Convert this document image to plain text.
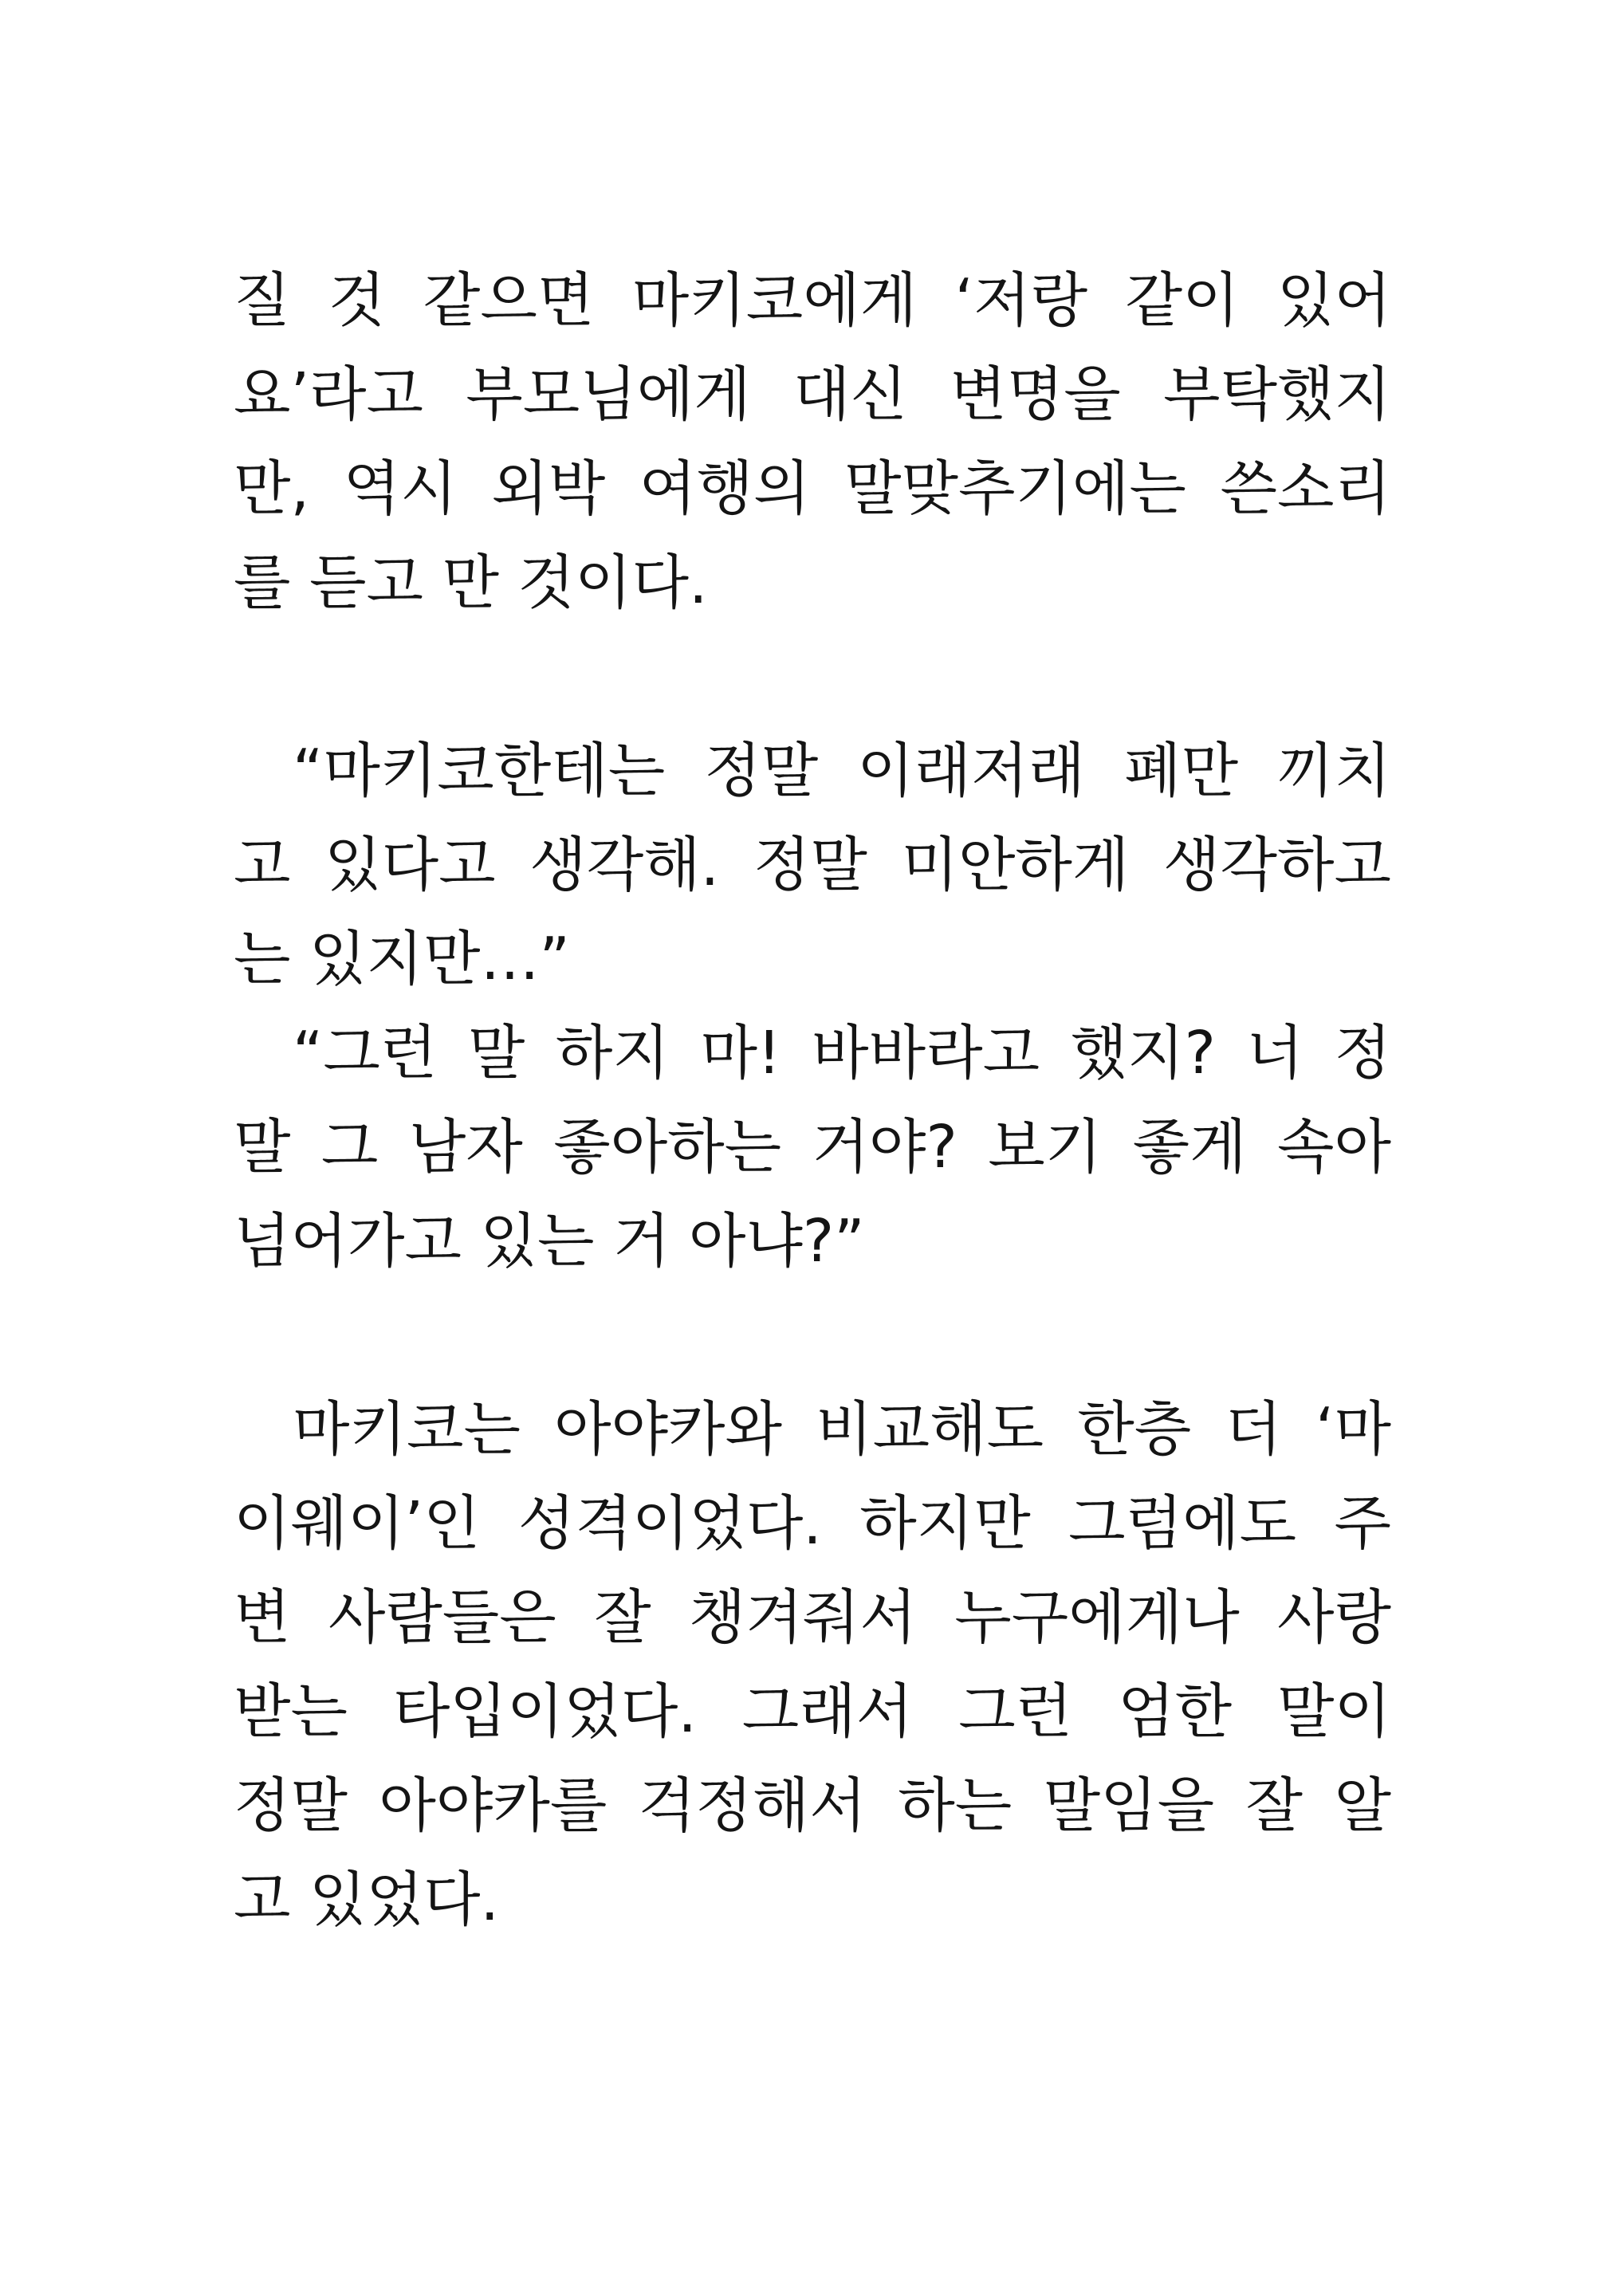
질 것 같으면 마키코에게 ‘저랑 같이 있어
요’라고 부모님에게 대신 변명을 부탁했지
만, 역시 외박 여행의 말맞추기에는 쓴소리
를 듣고 만 것이다.
“마키코한테는 정말 이래저래 폐만 끼치
고 있다고 생각해. 정말 미안하게 생각하고
는 있지만…”
“그런 말 하지 마! 바바라고 했지? 너 정
말 그 남자 좋아하는 거야? 보기 좋게 속아
넘어가고 있는 거 아냐?”
마키코는 아야카와 비교해도 한층 더 ‘마
이웨이’인 성격이었다. 하지만 그럼에도 주
변 사람들은 잘 챙겨줘서 누구에게나 사랑
받는 타입이었다. 그래서 그런 엄한 말이
정말 아야카를 걱정해서 하는 말임을 잘 알
고 있었다.
